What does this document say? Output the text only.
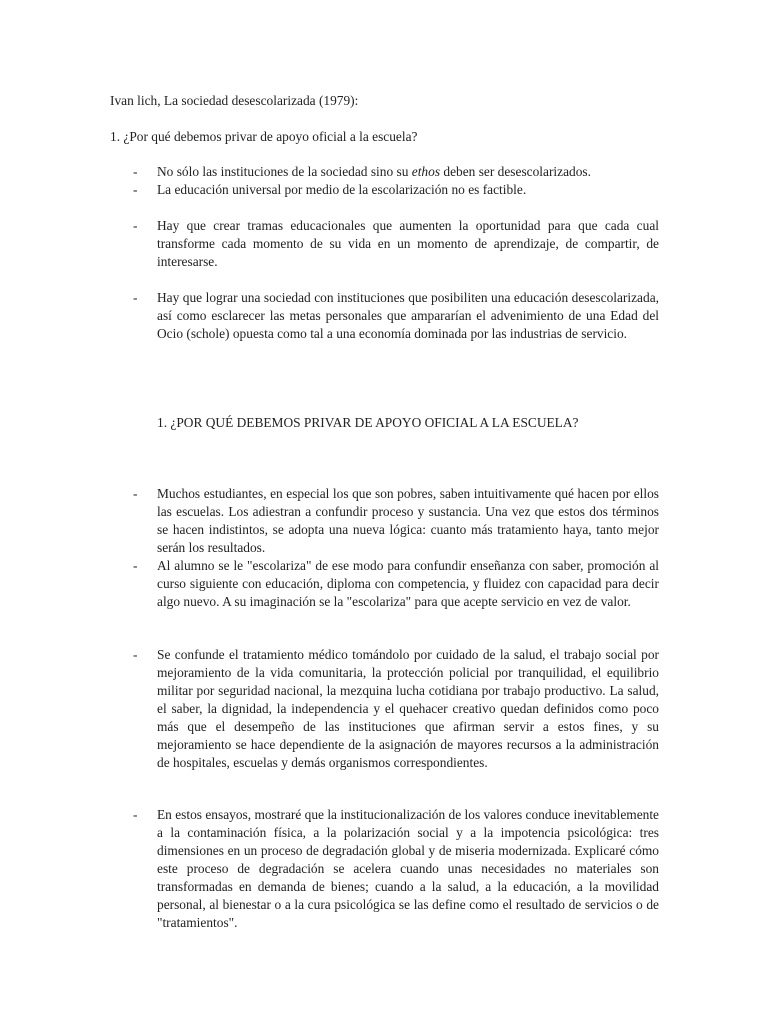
Ivan lich, La sociedad desescolarizada (1979):
1. ¿Por qué debemos privar de apoyo oficial a la escuela?
- No sólo las instituciones de la sociedad sino su ethos deben ser desescolarizados.
- La educación universal por medio de la escolarización no es factible.
- Hay que crear tramas educacionales que aumenten la oportunidad para que cada cual transforme cada momento de su vida en un momento de aprendizaje, de compartir, de interesarse.
- Hay que lograr una sociedad con instituciones que posibiliten una educación desescolarizada, así como esclarecer las metas personales que ampararían el advenimiento de una Edad del Ocio (schole) opuesta como tal a una economía dominada por las industrias de servicio.
1. ¿POR QUÉ DEBEMOS PRIVAR DE APOYO OFICIAL A LA ESCUELA?
- Muchos estudiantes, en especial los que son pobres, saben intuitivamente qué hacen por ellos las escuelas. Los adiestran a confundir proceso y sustancia. Una vez que estos dos términos se hacen indistintos, se adopta una nueva lógica: cuanto más tratamiento haya, tanto mejor serán los resultados.
- Al alumno se le "escolariza" de ese modo para confundir enseñanza con saber, promoción al curso siguiente con educación, diploma con competencia, y fluidez con capacidad para decir algo nuevo. A su imaginación se la "escolariza" para que acepte servicio en vez de valor.
- Se confunde el tratamiento médico tomándolo por cuidado de la salud, el trabajo social por mejoramiento de la vida comunitaria, la protección policial por tranquilidad, el equilibrio militar por seguridad nacional, la mezquina lucha cotidiana por trabajo productivo. La salud, el saber, la dignidad, la independencia y el quehacer creativo quedan definidos como poco más que el desempeño de las instituciones que afirman servir a estos fines, y su mejoramiento se hace dependiente de la asignación de mayores recursos a la administración de hospitales, escuelas y demás organismos correspondientes.
- En estos ensayos, mostraré que la institucionalización de los valores conduce inevitablemente a la contaminación física, a la polarización social y a la impotencia psicológica: tres dimensiones en un proceso de degradación global y de miseria modernizada. Explicaré cómo este proceso de degradación se acelera cuando unas necesidades no materiales son transformadas en demanda de bienes; cuando a la salud, a la educación, a la movilidad personal, al bienestar o a la cura psicológica se las define como el resultado de servicios o de "tratamientos".
